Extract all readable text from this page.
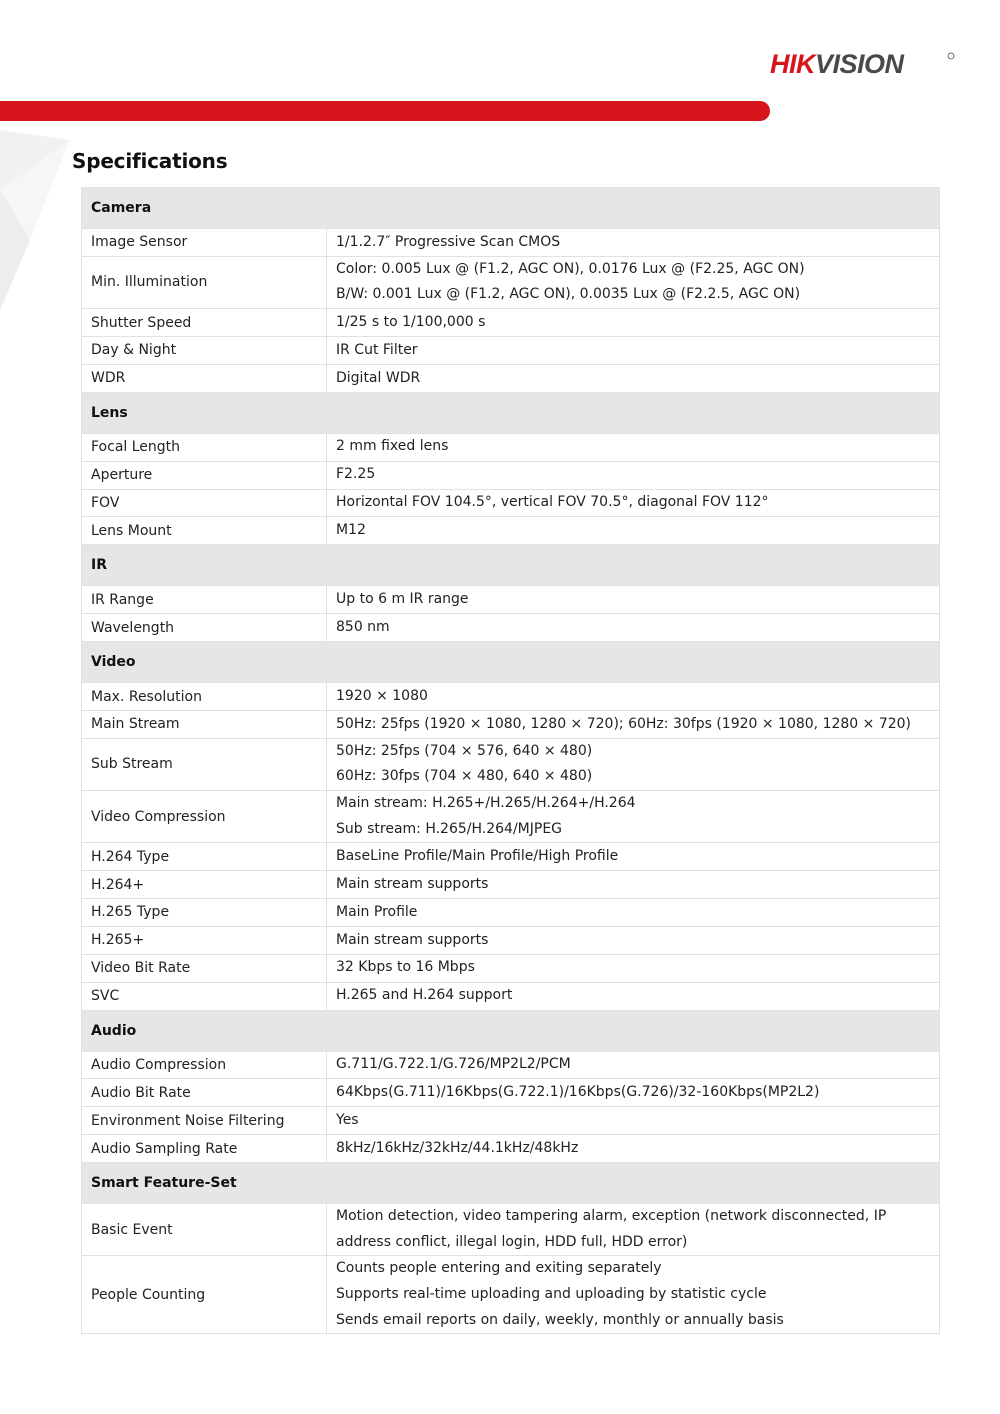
HIKVISION
Specifications
Camera	
Image Sensor	1/1.2.7″ Progressive Scan CMOS

Min. Illumination	Color: 0.005 Lux @ (F1.2, AGC ON), 0.0176 Lux @ (F2.25, AGC ON)
B/W: 0.001 Lux @ (F1.2, AGC ON), 0.0035 Lux @ (F2.2.5, AGC ON)

Shutter Speed	1/25 s to 1/100,000 s

Day & Night	IR Cut Filter

WDR	Digital WDR

Lens	
Focal Length	2 mm fixed lens

Aperture	F2.25

FOV	Horizontal FOV 104.5°, vertical FOV 70.5°, diagonal FOV 112°

Lens Mount	M12

IR	
IR Range	Up to 6 m IR range

Wavelength	850 nm

Video	
Max. Resolution	1920 × 1080

Main Stream	50Hz: 25fps (1920 × 1080, 1280 × 720); 60Hz: 30fps (1920 × 1080, 1280 × 720)

Sub Stream	50Hz: 25fps (704 × 576, 640 × 480)
60Hz: 30fps (704 × 480, 640 × 480)

Video Compression	Main stream: H.265+/H.265/H.264+/H.264
Sub stream: H.265/H.264/MJPEG

H.264 Type	BaseLine Profile/Main Profile/High Profile

H.264+	Main stream supports

H.265 Type	Main Profile

H.265+	Main stream supports

Video Bit Rate	32 Kbps to 16 Mbps

SVC	H.265 and H.264 support

Audio	
Audio Compression	G.711/G.722.1/G.726/MP2L2/PCM

Audio Bit Rate	64Kbps(G.711)/16Kbps(G.722.1)/16Kbps(G.726)/32-160Kbps(MP2L2)

Environment Noise Filtering	Yes

Audio Sampling Rate	8kHz/16kHz/32kHz/44.1kHz/48kHz

Smart Feature-Set	
Basic Event	Motion detection, video tampering alarm, exception (network disconnected, IP
address conflict, illegal login, HDD full, HDD error)

People Counting	Counts people entering and exiting separately
Supports real-time uploading and uploading by statistic cycle
Sends email reports on daily, weekly, monthly or annually basis
